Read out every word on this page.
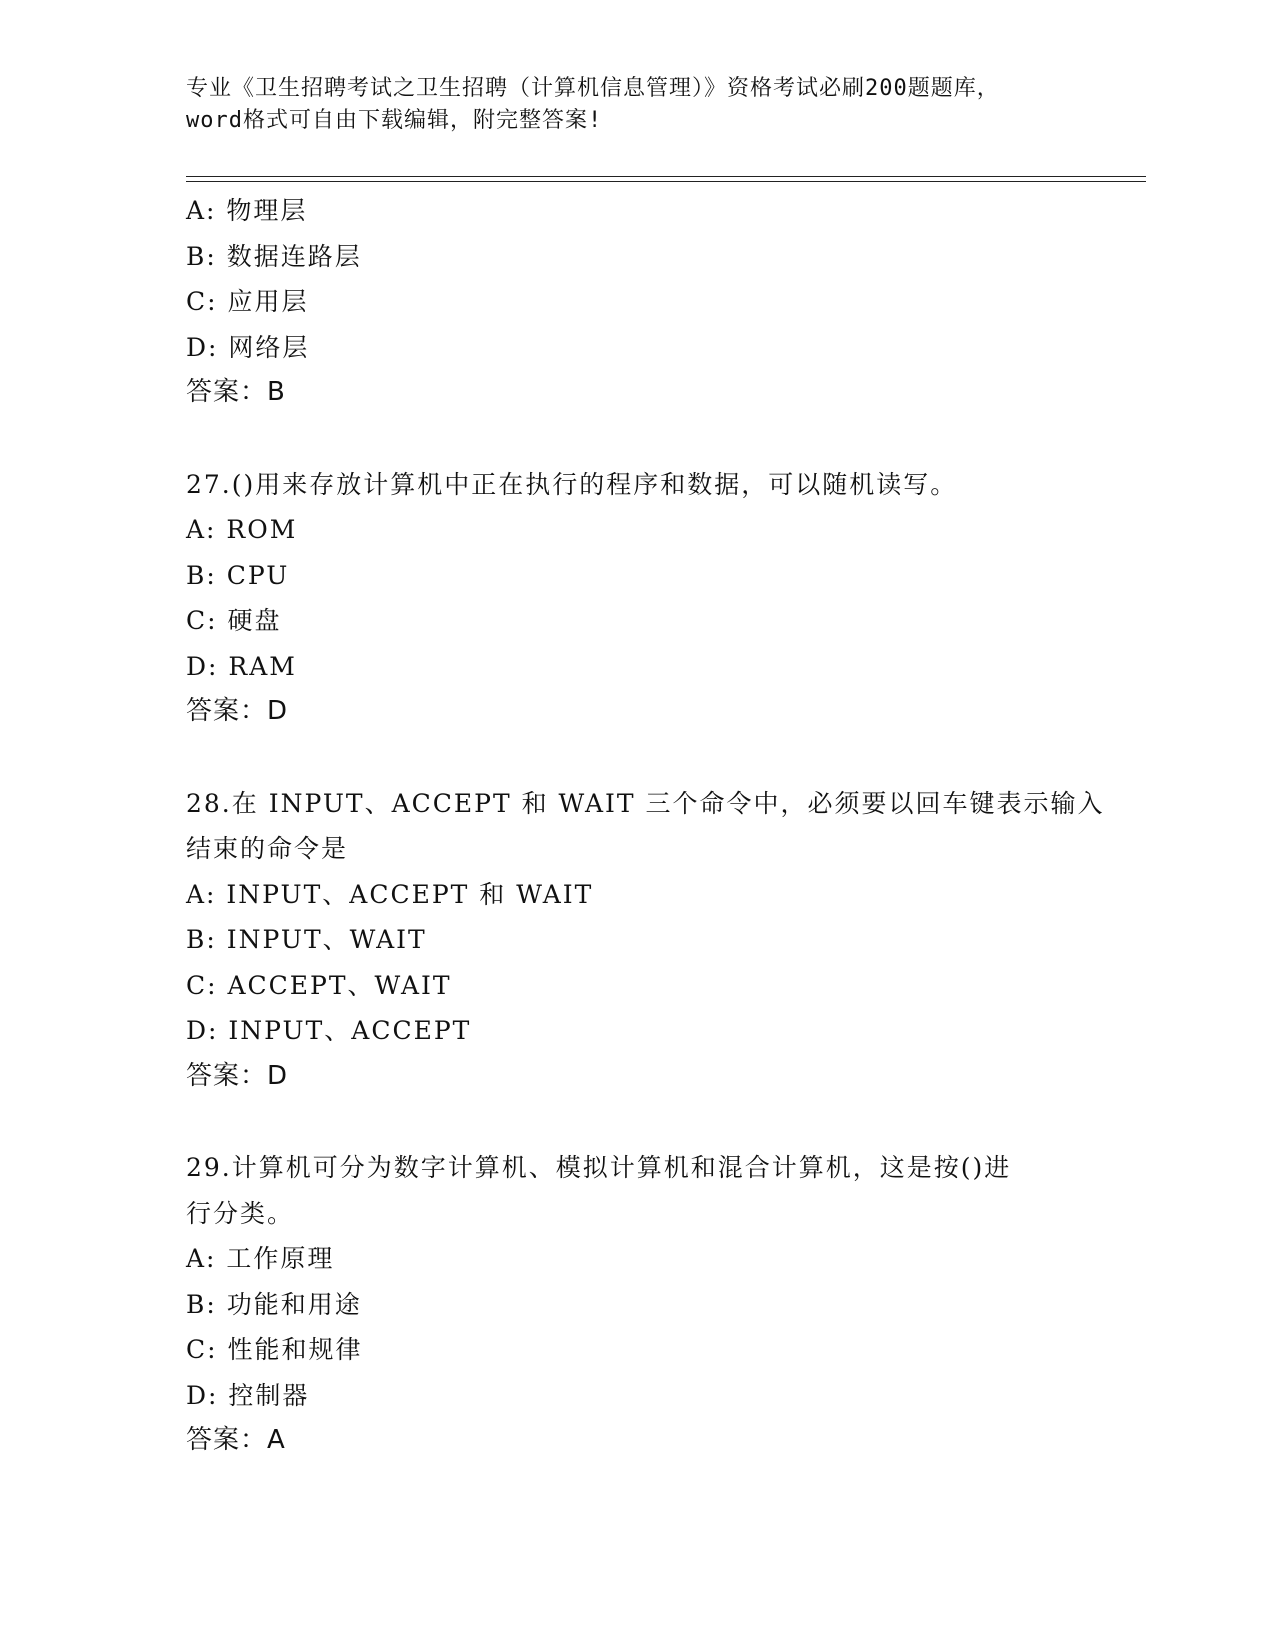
专业《卫生招聘考试之卫生招聘（计算机信息管理）》资格考试必刷200题题库，
word格式可自由下载编辑，附完整答案!
A: 物理层
B: 数据连路层
C: 应用层
D: 网络层
答案：B
27.()用来存放计算机中正在执行的程序和数据，可以随机读写。
A: ROM
B: CPU
C: 硬盘
D: RAM
答案：D
28.在 INPUT、ACCEPT 和 WAIT 三个命令中，必须要以回车键表示输入
结束的命令是
A: INPUT、ACCEPT 和 WAIT
B: INPUT、WAIT
C: ACCEPT、WAIT
D: INPUT、ACCEPT
答案：D
29.计算机可分为数字计算机、模拟计算机和混合计算机，这是按()进
行分类。
A: 工作原理
B: 功能和用途
C: 性能和规律
D: 控制器
答案：A
